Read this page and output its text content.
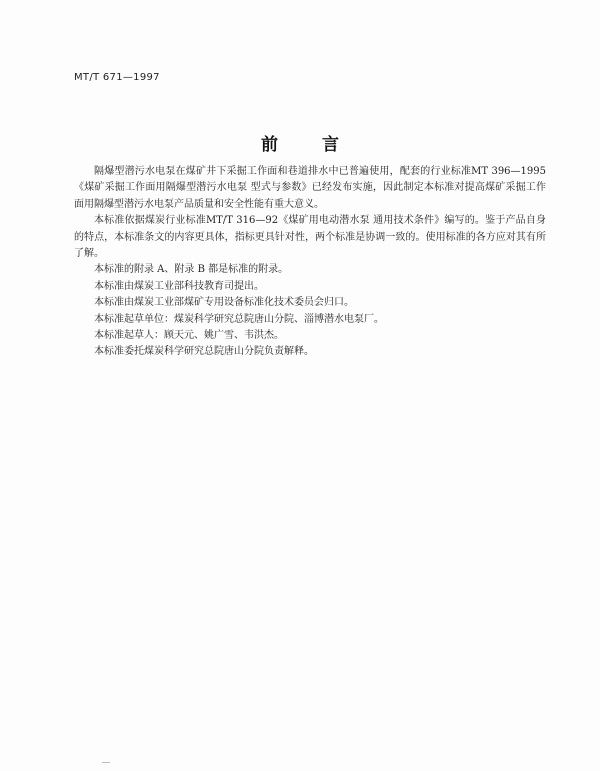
MT/T 671—1997
前	言

隔爆型潜污水电泵在煤矿井下采掘工作面和巷道排水中已普遍使用，配套的行业标准MT 396—1995《煤矿采掘工作面用隔爆型潜污水电泵 型式与参数》已经发布实施，因此制定本标准对提高煤矿采掘工作面用隔爆型潜污水电泵产品质量和安全性能有重大意义。

本标准依据煤炭行业标准MT/T 316—92《煤矿用电动潜水泵 通用技术条件》编写的。鉴于产品自身的特点，本标准条文的内容更具体，指标更具针对性，两个标准是协调一致的。使用标准的各方应对其有所了解。

本标准的附录 A、附录 B 都是标准的附录。

本标准由煤炭工业部科技教育司提出。

本标准由煤炭工业部煤矿专用设备标准化技术委员会归口。

本标准起草单位：煤炭科学研究总院唐山分院、淄博潜水电泵厂。

本标准起草人：顾天元、姚广雪、韦洪杰。

本标准委托煤炭科学研究总院唐山分院负责解释。
